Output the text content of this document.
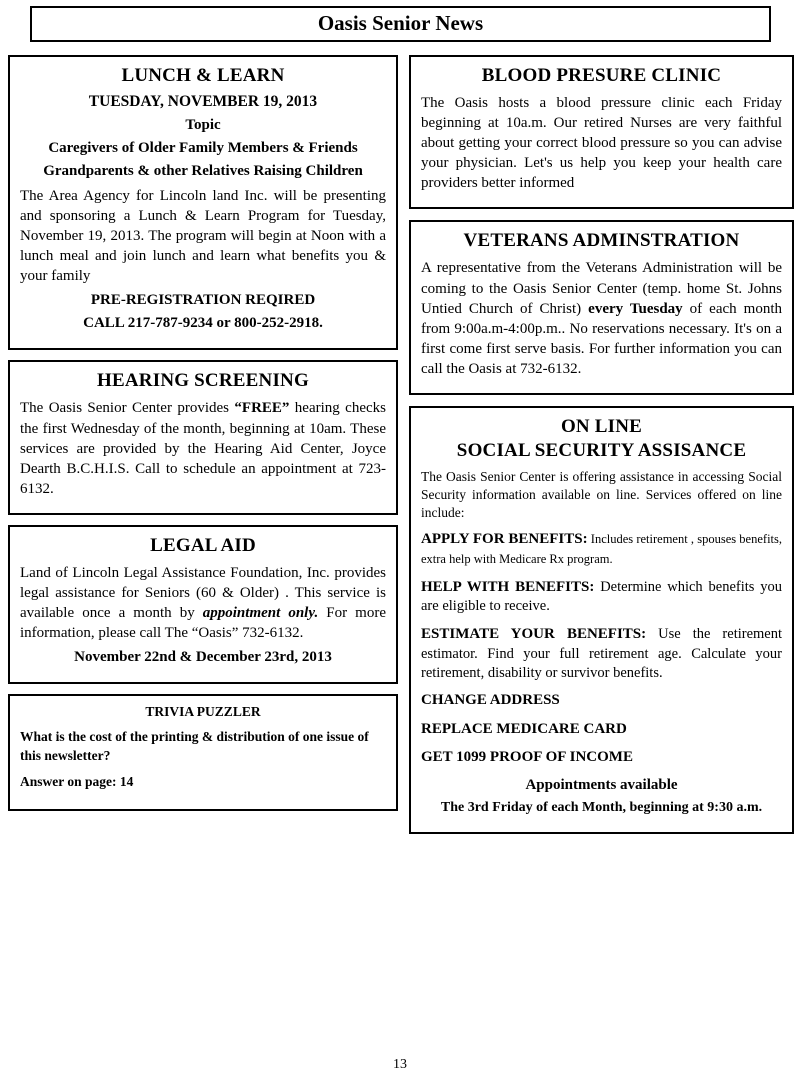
Oasis Senior News
LUNCH & LEARN
TUESDAY, NOVEMBER 19, 2013
Topic
Caregivers of Older Family Members & Friends
Grandparents & other Relatives Raising Children

The Area Agency for Lincoln land Inc. will be presenting and sponsoring a Lunch & Learn Program for Tuesday, November 19, 2013. The program will begin at Noon with a lunch meal and join lunch and learn what benefits you & your family

PRE-REGISTRATION REQIRED
CALL 217-787-9234 or 800-252-2918.
HEARING SCREENING

The Oasis Senior Center provides “FREE” hearing checks the first Wednesday of the month, beginning at 10am. These services are provided by the Hearing Aid Center, Joyce Dearth B.C.H.I.S. Call to schedule an appointment at 723-6132.

LEGAL AID

Land of Lincoln Legal Assistance Foundation, Inc. provides legal assistance for Seniors (60 & Older) . This service is available once a month by appointment only. For more information, please call The “Oasis” 732-6132.

November 22nd & December 23rd, 2013
TRIVIA PUZZLER

What is the cost of the printing & distribution of one issue of this newsletter?

Answer on page: 14

BLOOD PRESURE CLINIC

The Oasis hosts a blood pressure clinic each Friday beginning at 10a.m. Our retired Nurses are very faithful about getting your correct blood pressure so you can advise your physician. Let's us help you keep your health care providers better informed

VETERANS ADMINSTRATION

A representative from the Veterans Administration will be coming to the Oasis Senior Center (temp. home St. Johns Untied Church of Christ) every Tuesday of each month from 9:00a.m-4:00p.m.. No reservations necessary. It's on a first come first serve basis. For further information you can call the Oasis at 732-6132.

ON LINE
SOCIAL SECURITY ASSISANCE

The Oasis Senior Center is offering assistance in accessing Social Security information available on line. Services offered on line include:

APPLY FOR BENEFITS: Includes retirement , spouses benefits, extra help with Medicare Rx program.

HELP WITH BENEFITS: Determine which benefits you are eligible to receive.

ESTIMATE YOUR BENEFITS: Use the retirement estimator. Find your full retirement age. Calculate your retirement, disability or survivor benefits.

CHANGE ADDRESS

REPLACE MEDICARE CARD

GET 1099 PROOF OF INCOME

Appointments available
The 3rd Friday of each Month, beginning at 9:30 a.m.
13
